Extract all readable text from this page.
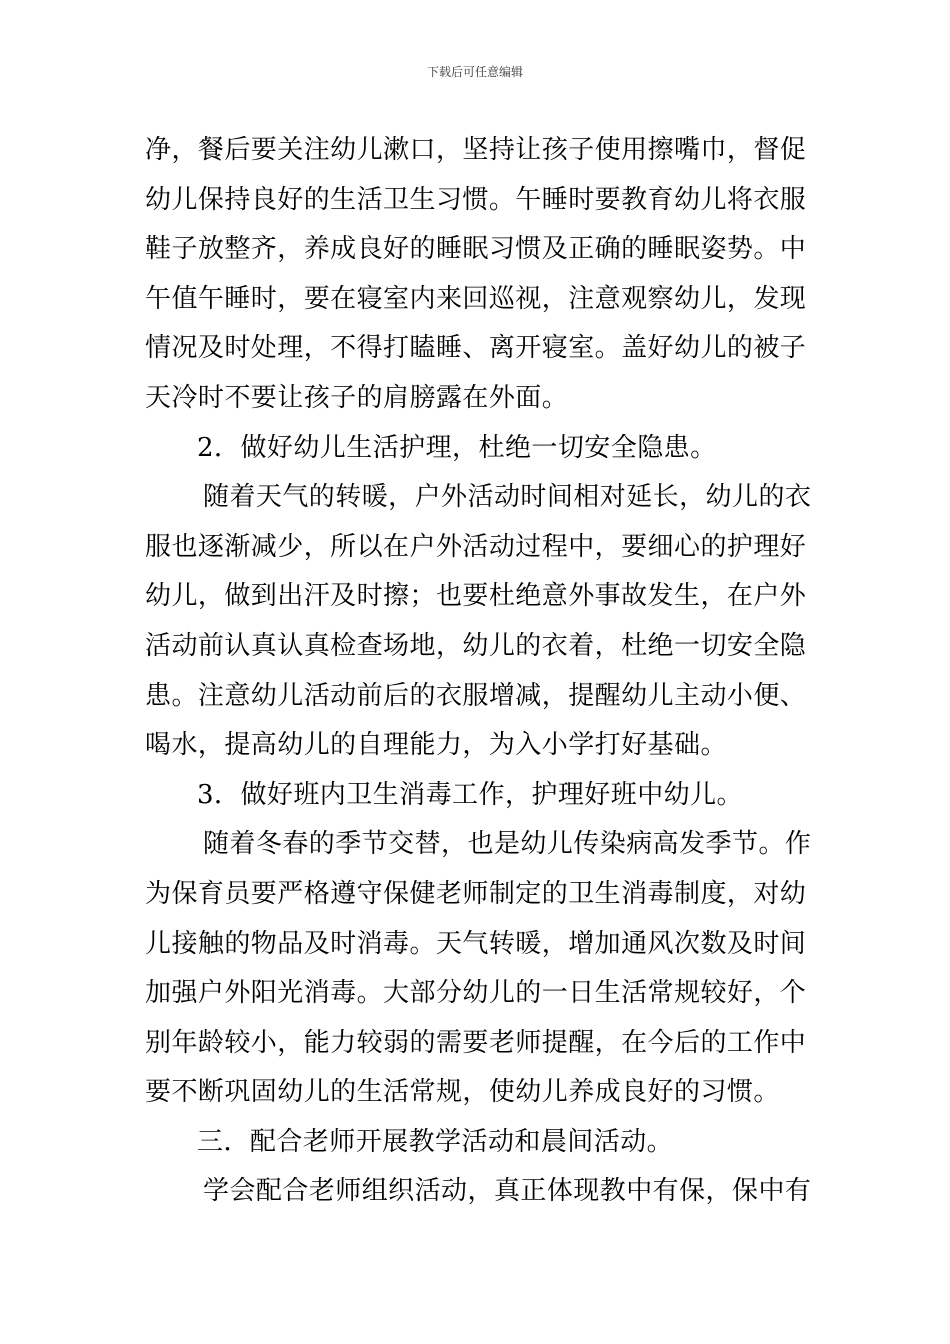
下载后可任意编辑
净，餐后要关注幼儿漱口，坚持让孩子使用擦嘴巾，督促
幼儿保持良好的生活卫生习惯。午睡时要教育幼儿将衣服
鞋子放整齐，养成良好的睡眠习惯及正确的睡眠姿势。中
午值午睡时，要在寝室内来回巡视，注意观察幼儿，发现
情况及时处理，不得打瞌睡、离开寝室。盖好幼儿的被子
天冷时不要让孩子的肩膀露在外面。
2．做好幼儿生活护理，杜绝一切安全隐患。
随着天气的转暖，户外活动时间相对延长，幼儿的衣
服也逐渐减少，所以在户外活动过程中，要细心的护理好
幼儿，做到出汗及时擦；也要杜绝意外事故发生，在户外
活动前认真认真检查场地，幼儿的衣着，杜绝一切安全隐
患。注意幼儿活动前后的衣服增减，提醒幼儿主动小便、
喝水，提高幼儿的自理能力，为入小学打好基础。
3．做好班内卫生消毒工作，护理好班中幼儿。
随着冬春的季节交替，也是幼儿传染病高发季节。作
为保育员要严格遵守保健老师制定的卫生消毒制度，对幼
儿接触的物品及时消毒。天气转暖，增加通风次数及时间
加强户外阳光消毒。大部分幼儿的一日生活常规较好，个
别年龄较小，能力较弱的需要老师提醒，在今后的工作中
要不断巩固幼儿的生活常规，使幼儿养成良好的习惯。
三．配合老师开展教学活动和晨间活动。
学会配合老师组织活动，真正体现教中有保，保中有
